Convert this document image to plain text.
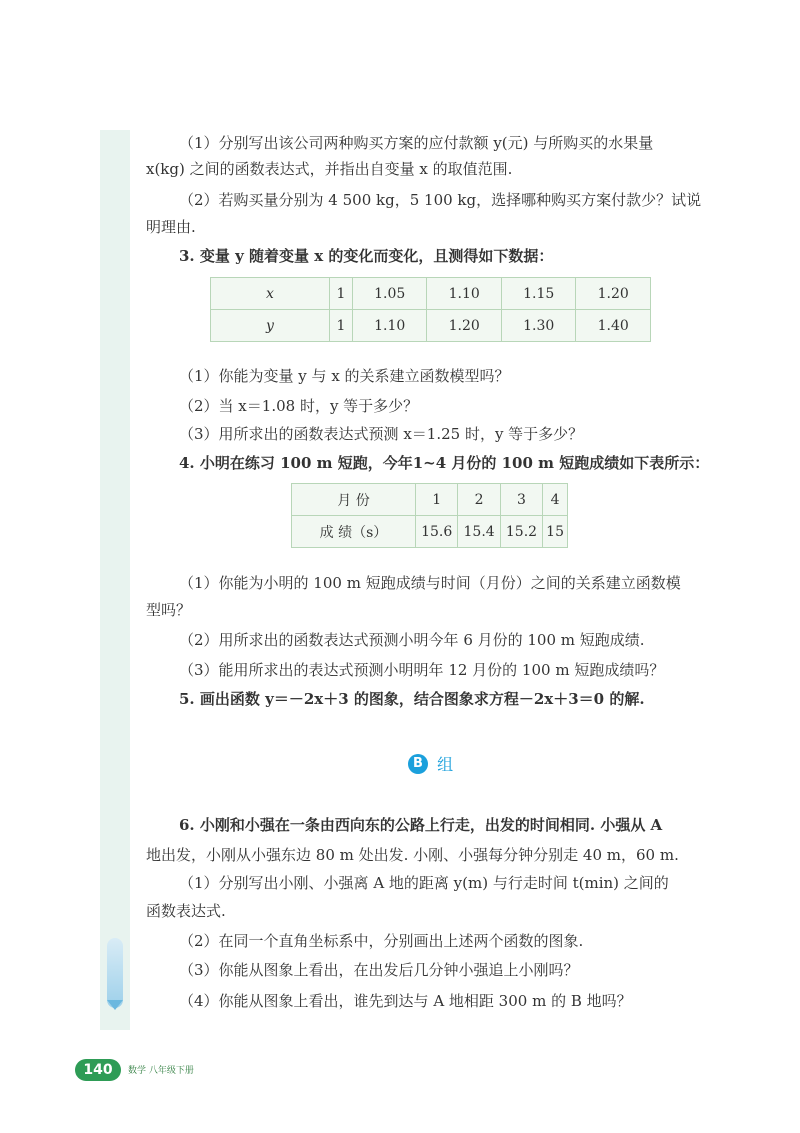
（1）分别写出该公司两种购买方案的应付款额 y(元) 与所购买的水果量
x(kg) 之间的函数表达式，并指出自变量 x 的取值范围.
（2）若购买量分别为 4 500 kg，5 100 kg，选择哪种购买方案付款少？试说
明理由.
3. 变量 y 随着变量 x 的变化而变化，且测得如下数据：
x	1	1.05	1.10	1.15	1.20
y	1	1.10	1.20	1.30	1.40
（1）你能为变量 y 与 x 的关系建立函数模型吗？
（2）当 x＝1.08 时，y 等于多少？
（3）用所求出的函数表达式预测 x＝1.25 时，y 等于多少？
4. 小明在练习 100 m 短跑，今年1~4 月份的 100 m 短跑成绩如下表所示：
月 份	1	2	3	4
成 绩（s）	15.6	15.4	15.2	15
（1）你能为小明的 100 m 短跑成绩与时间（月份）之间的关系建立函数模
型吗？
（2）用所求出的函数表达式预测小明今年 6 月份的 100 m 短跑成绩.
（3）能用所求出的表达式预测小明明年 12 月份的 100 m 短跑成绩吗？
5. 画出函数 y＝－2x＋3 的图象，结合图象求方程－2x＋3＝0 的解.
B 组
6. 小刚和小强在一条由西向东的公路上行走，出发的时间相同. 小强从 A
地出发，小刚从小强东边 80 m 处出发. 小刚、小强每分钟分别走 40 m，60 m.
（1）分别写出小刚、小强离 A 地的距离 y(m) 与行走时间 t(min) 之间的
函数表达式.
（2）在同一个直角坐标系中，分别画出上述两个函数的图象.
（3）你能从图象上看出，在出发后几分钟小强追上小刚吗？
（4）你能从图象上看出，谁先到达与 A 地相距 300 m 的 B 地吗？
140	数学 八年级下册
